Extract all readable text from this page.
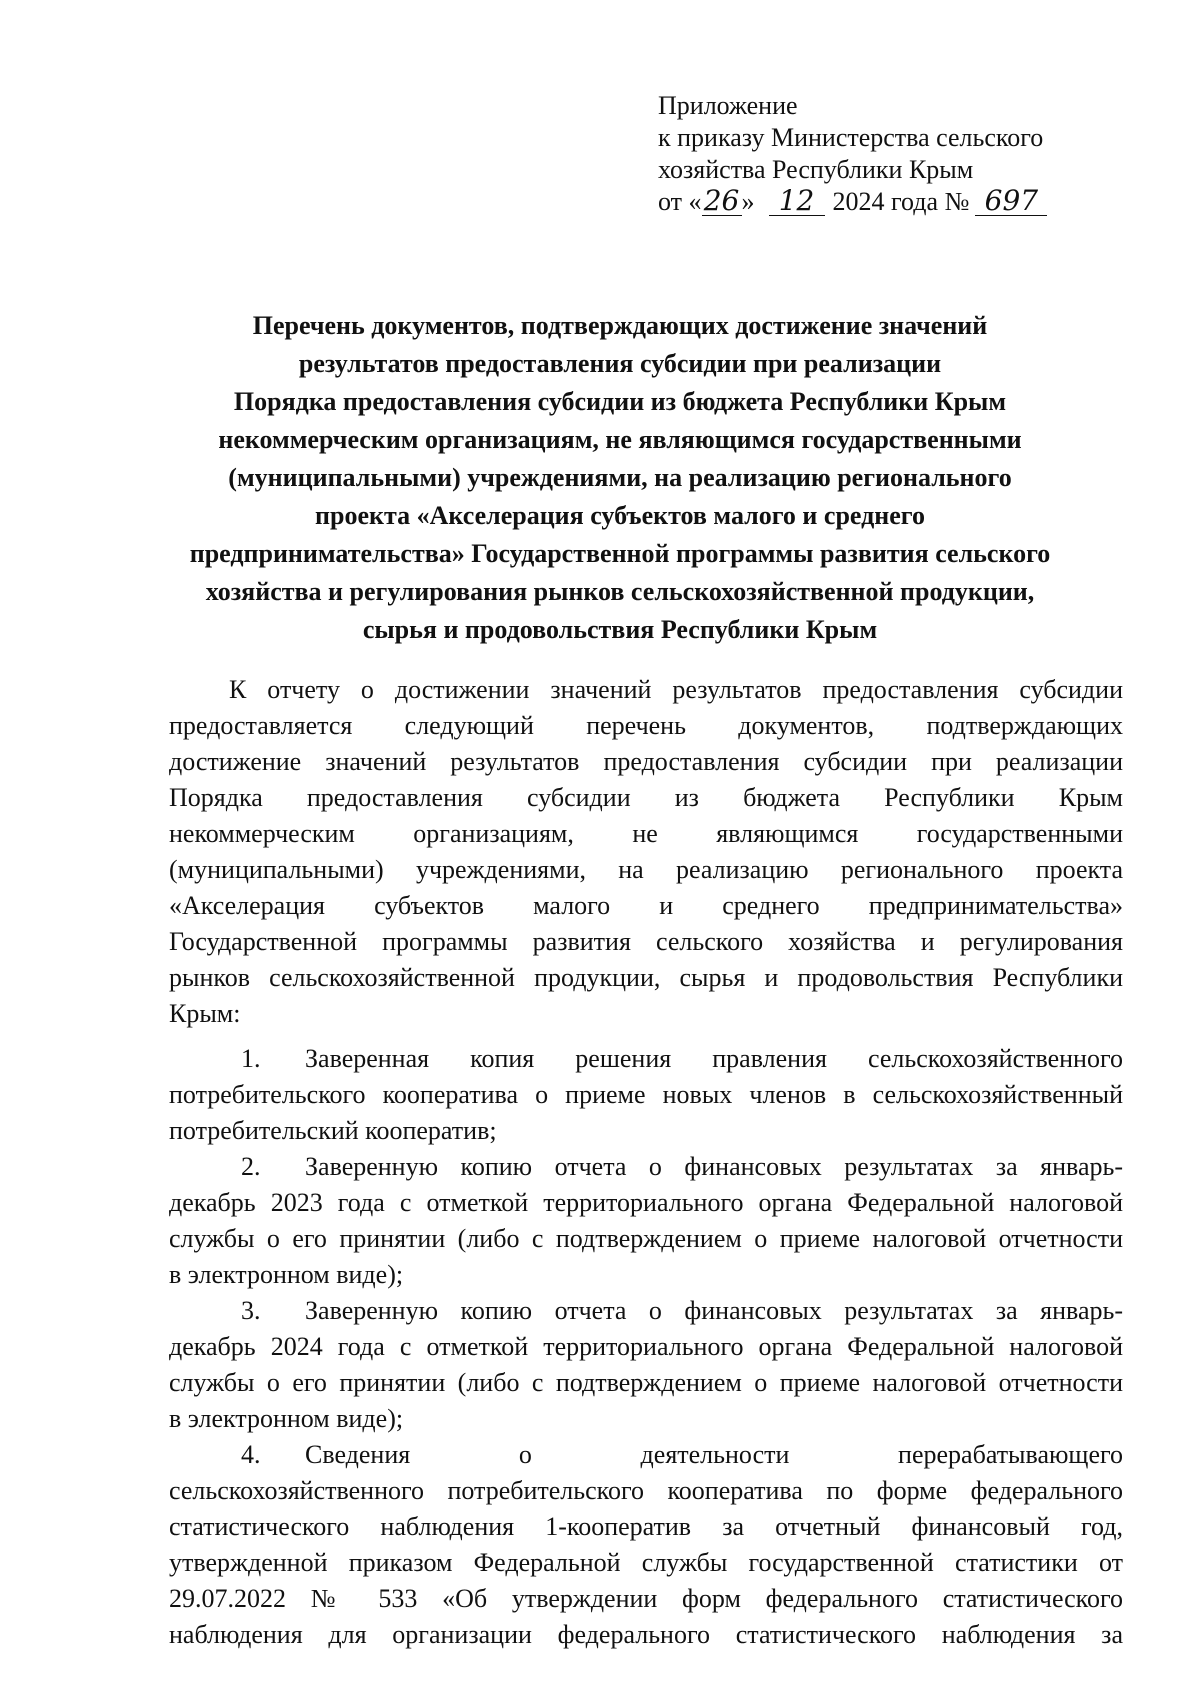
Приложение
к приказу Министерства сельского
хозяйства Республики Крым
от «26» 12 2024 года № 697
Перечень документов, подтверждающих достижение значений
результатов предоставления субсидии при реализации
Порядка предоставления субсидии из бюджета Республики Крым
некоммерческим организациям, не являющимся государственными
(муниципальными) учреждениями, на реализацию регионального
проекта «Акселерация субъектов малого и среднего
предпринимательства» Государственной программы развития сельского
хозяйства и регулирования рынков сельскохозяйственной продукции,
сырья и продовольствия Республики Крым
К отчету о достижении значений результатов предоставления субсидии
предоставляется следующий перечень документов, подтверждающих
достижение значений результатов предоставления субсидии при реализации
Порядка предоставления субсидии из бюджета Республики Крым
некоммерческим организациям, не являющимся государственными
(муниципальными) учреждениями, на реализацию регионального проекта
«Акселерация субъектов малого и среднего предпринимательства»
Государственной программы развития сельского хозяйства и регулирования
рынков сельскохозяйственной продукции, сырья и продовольствия Республики
Крым:
1. Заверенная копия решения правления сельскохозяйственного
потребительского кооператива о приеме новых членов в сельскохозяйственный
потребительский кооператив;
2. Заверенную копию отчета о финансовых результатах за январь-
декабрь 2023 года с отметкой территориального органа Федеральной налоговой
службы о его принятии (либо с подтверждением о приеме налоговой отчетности
в электронном виде);
3. Заверенную копию отчета о финансовых результатах за январь-
декабрь 2024 года с отметкой территориального органа Федеральной налоговой
службы о его принятии (либо с подтверждением о приеме налоговой отчетности
в электронном виде);
4. Сведения о деятельности перерабатывающего
сельскохозяйственного потребительского кооператива по форме федерального
статистического наблюдения 1-кооператив за отчетный финансовый год,
утвержденной приказом Федеральной службы государственной статистики от
29.07.2022 № 533 «Об утверждении форм федерального статистического
наблюдения для организации федерального статистического наблюдения за
